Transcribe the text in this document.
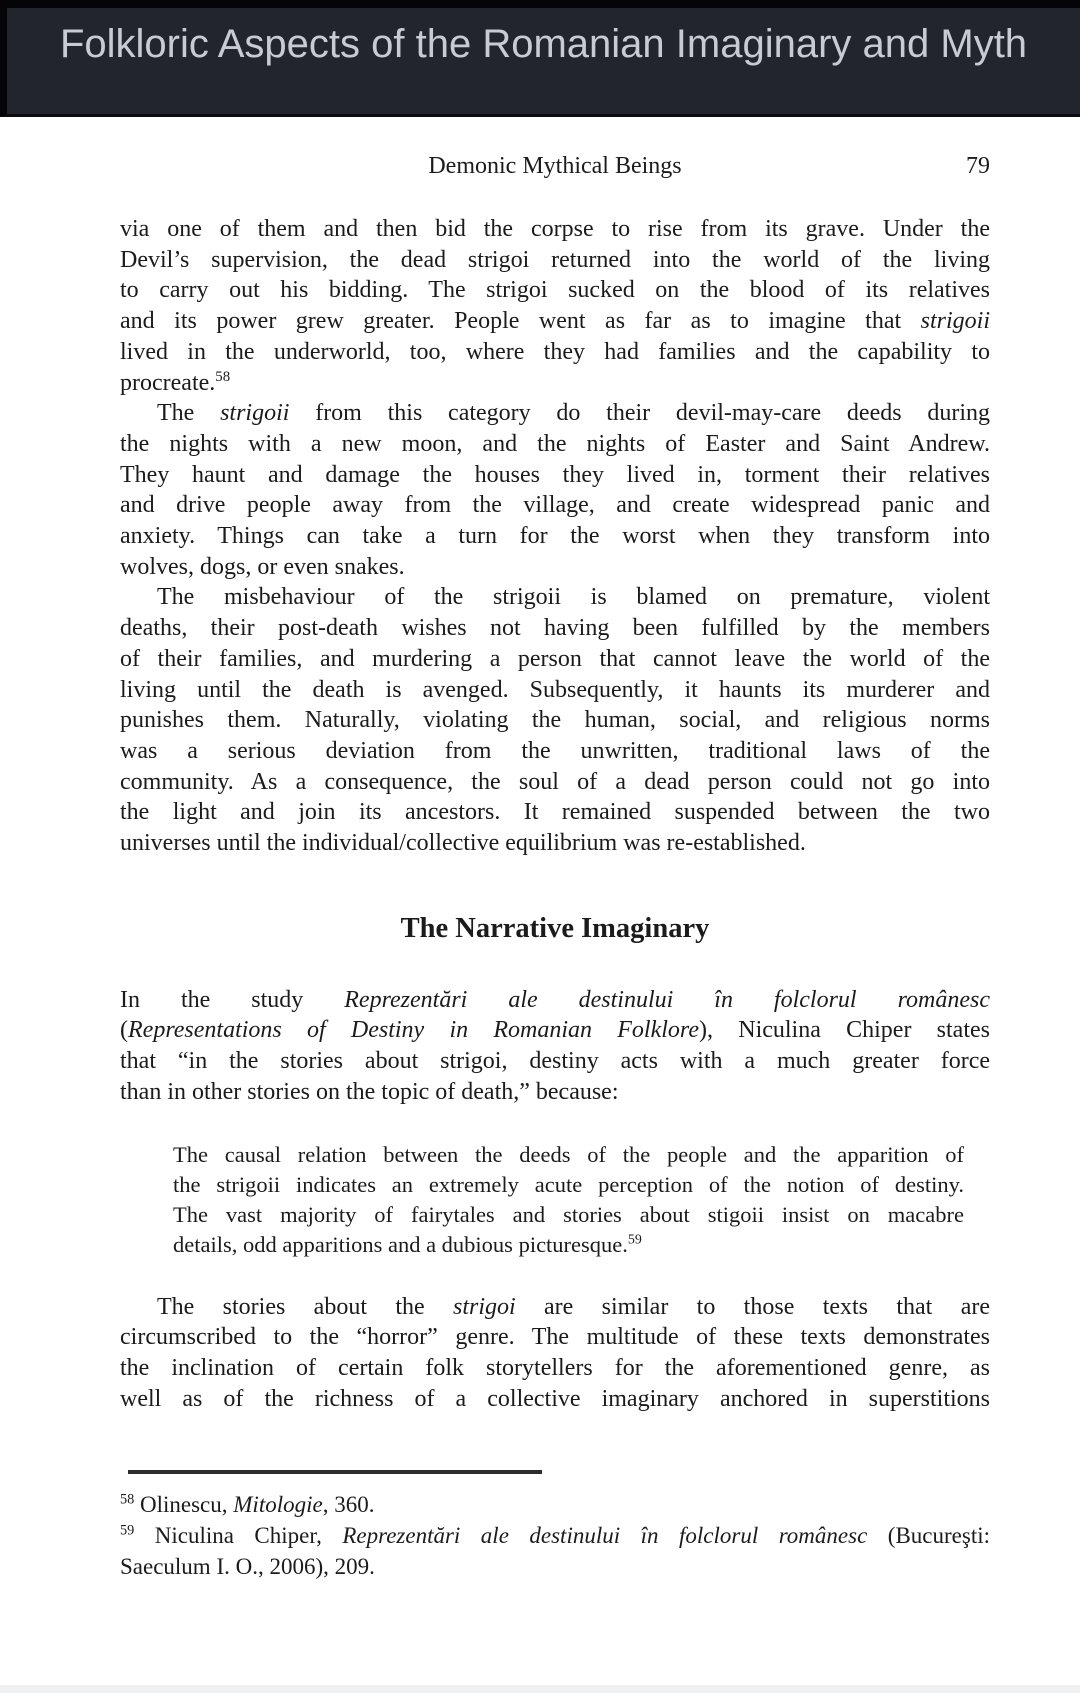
Folkloric Aspects of the Romanian Imaginary and Myth
Demonic Mythical Beings	79
via one of them and then bid the corpse to rise from its grave. Under the
Devil’s supervision, the dead strigoi returned into the world of the living
to carry out his bidding. The strigoi sucked on the blood of its relatives
and its power grew greater. People went as far as to imagine that strigoii
lived in the underworld, too, where they had families and the capability to
procreate.$^{58}$
The strigoii from this category do their devil-may-care deeds during
the nights with a new moon, and the nights of Easter and Saint Andrew.
They haunt and damage the houses they lived in, torment their relatives
and drive people away from the village, and create widespread panic and
anxiety. Things can take a turn for the worst when they transform into
wolves, dogs, or even snakes.
The misbehaviour of the strigoii is blamed on premature, violent
deaths, their post-death wishes not having been fulfilled by the members
of their families, and murdering a person that cannot leave the world of the
living until the death is avenged. Subsequently, it haunts its murderer and
punishes them. Naturally, violating the human, social, and religious norms
was a serious deviation from the unwritten, traditional laws of the
community. As a consequence, the soul of a dead person could not go into
the light and join its ancestors. It remained suspended between the two
universes until the individual/collective equilibrium was re-established.
The Narrative Imaginary
In the study Reprezentări ale destinului în folclorul românesc
(Representations of Destiny in Romanian Folklore), Niculina Chiper states
that “in the stories about strigoi, destiny acts with a much greater force
than in other stories on the topic of death,” because:
The causal relation between the deeds of the people and the apparition of
the strigoii indicates an extremely acute perception of the notion of destiny.
The vast majority of fairytales and stories about stigoii insist on macabre
details, odd apparitions and a dubious picturesque.$^{59}$
The stories about the strigoi are similar to those texts that are
circumscribed to the “horror” genre. The multitude of these texts demonstrates
the inclination of certain folk storytellers for the aforementioned genre, as
well as of the richness of a collective imaginary anchored in superstitions
$^{58}$ Olinescu, Mitologie, 360.
$^{59}$ Niculina Chiper, Reprezentări ale destinului în folclorul românesc (Bucureşti:
Saeculum I. O., 2006), 209.
